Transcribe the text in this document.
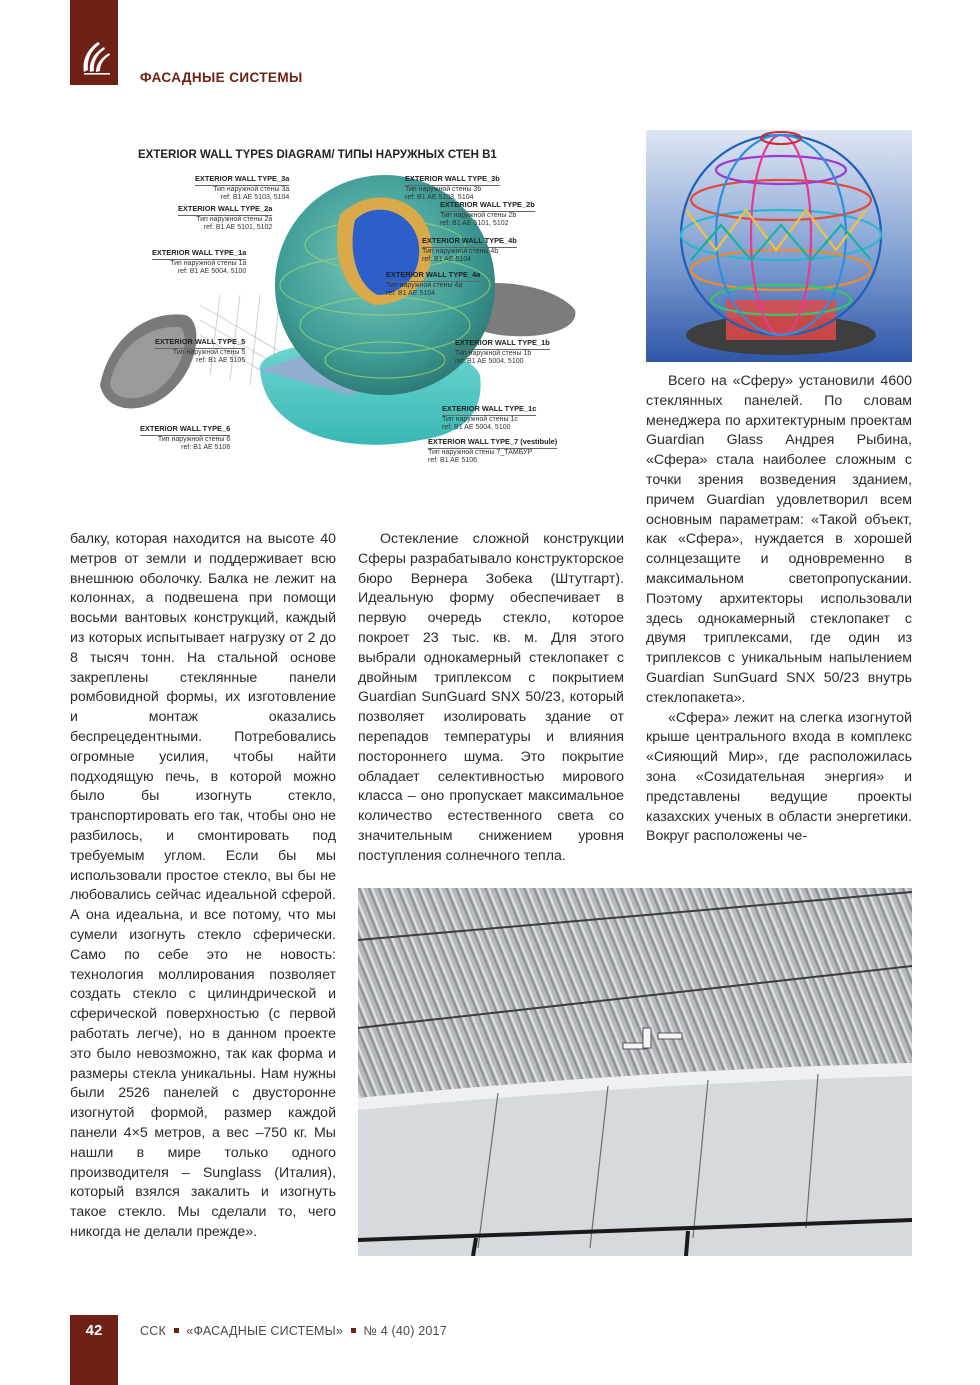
ФАСАДНЫЕ СИСТЕМЫ
EXTERIOR WALL TYPES DIAGRAM/ ТИПЫ НАРУЖНЫХ СТЕН В1
EXTERIOR WALL TYPE_3a
Тип наружной стены 3a
ref: B1 AE 5103, 5104
EXTERIOR WALL TYPE_2a
Тип наружной стены 2a
ref: B1 AE 5101, 5102
EXTERIOR WALL TYPE_1a
Тип наружной стены 1a
ref: B1 AE 5004, 5100
EXTERIOR WALL TYPE_5
Тип наружной стены 5
ref: B1 AE 5105
EXTERIOR WALL TYPE_6
Тип наружной стены 6
ref: B1 AE 5106
EXTERIOR WALL TYPE_3b
Тип наружной стены 3b
ref: B1 AE 5103, 5104
EXTERIOR WALL TYPE_2b
Тип наружной стены 2b
ref: B1 AE 5101, 5102
EXTERIOR WALL TYPE_4b
Тип наружной стены 4b
ref: B1 AE 5104
EXTERIOR WALL TYPE_4a
Тип наружной стены 4a
ref: B1 AE 5104
EXTERIOR WALL TYPE_1b
Тип наружной стены 1b
ref: B1 AE 5004, 5100
EXTERIOR WALL TYPE_1c
Тип наружной стены 1c
ref: B1 AE 5004, 5100
EXTERIOR WALL TYPE_7 (vestibule)
Тип наружной стены 7_ТАМБУР
ref: B1 AE 5106

балку, которая находится на высоте 40 метров от земли и поддерживает всю внешнюю оболочку. Балка не лежит на колоннах, а подвешена при помощи восьми вантовых конструкций, каждый из которых испытывает нагрузку от 2 до 8 тысяч тонн. На стальной основе закреплены стеклянные панели ромбовидной формы, их изготовление и монтаж оказались беспрецедентными. Потребовались огромные усилия, чтобы найти подходящую печь, в которой можно было бы изогнуть стекло, транспортировать его так, чтобы оно не разбилось, и смонтировать под требуемым углом. Если бы мы использовали простое стекло, вы бы не любовались сейчас идеальной сферой. А она идеальна, и все потому, что мы сумели изогнуть стекло сферически. Само по себе это не новость: технология моллирования позволяет создать стекло с цилиндрической и сферической поверхностью (с первой работать легче), но в данном проекте это было невозможно, так как форма и размеры стекла уникальны. Нам нужны были 2526 панелей с двусторонне изогнутой формой, размер каждой панели 4×5 метров, а вес –750 кг. Мы нашли в мире только одного производителя – Sunglass (Италия), который взялся закалить и изогнуть такое стекло. Мы сделали то, чего никогда не делали прежде».

Остекление сложной конструкции Сферы разрабатывало конструкторское бюро Вернера Зобека (Штутгарт). Идеальную форму обеспечивает в первую очередь стекло, которое покроет 23 тыс. кв. м. Для этого выбрали однокамерный стеклопакет с двойным триплексом с покрытием Guardian SunGuard SNX 50/23, который позволяет изолировать здание от перепадов температуры и влияния постороннего шума. Это покрытие обладает селективностью мирового класса – оно пропускает максимальное количество естественного света со значительным снижением уровня поступления солнечного тепла.

Всего на «Сферу» установили 4600 стеклянных панелей. По словам менеджера по архитектурным проектам Guardian Glass Андрея Рыбина, «Сфера» стала наиболее сложным с точки зрения возведения зданием, причем Guardian удовлетворил всем основным параметрам: «Такой объект, как «Сфера», нуждается в хорошей солнцезащите и одновременно в максимальном светопропускании. Поэтому архитекторы использовали здесь однокамерный стеклопакет с двумя триплексами, где один из триплексов с уникальным напылением Guardian SunGuard SNX 50/23 внутрь стеклопакета».

«Сфера» лежит на слегка изогнутой крыше центрального входа в комплекс «Сияющий Мир», где расположилась зона «Созидательная энергия» и представлены ведущие проекты казахских ученых в области энергетики. Вокруг расположены че-

42	ССК «ФАСАДНЫЕ СИСТЕМЫ» № 4 (40) 2017
